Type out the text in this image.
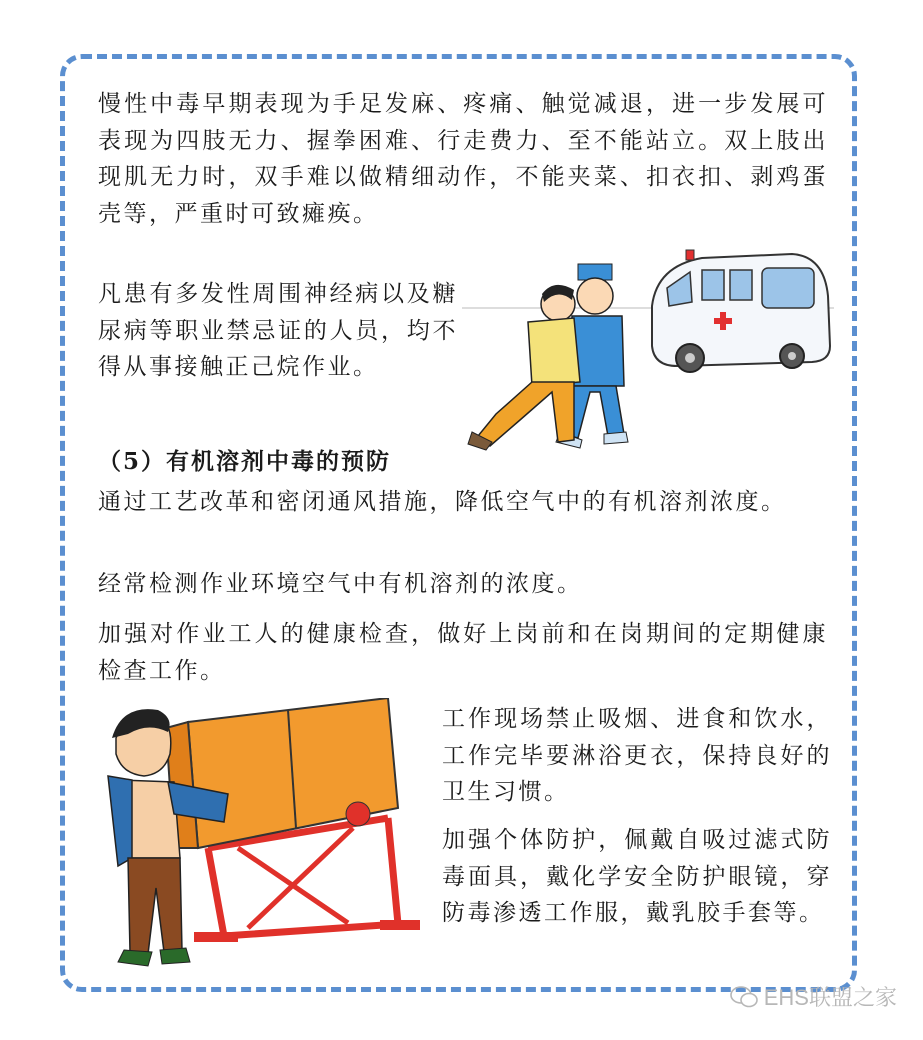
慢性中毒早期表现为手足发麻、疼痛、触觉减退，进一步发展可表现为四肢无力、握拳困难、行走费力、至不能站立。双上肢出现肌无力时，双手难以做精细动作，不能夹菜、扣衣扣、剥鸡蛋壳等，严重时可致瘫痪。

凡患有多发性周围神经病以及糖尿病等职业禁忌证的人员，均不得从事接触正己烷作业。

（5）有机溶剂中毒的预防

通过工艺改革和密闭通风措施，降低空气中的有机溶剂浓度。

经常检测作业环境空气中有机溶剂的浓度。

加强对作业工人的健康检查，做好上岗前和在岗期间的定期健康检查工作。

工作现场禁止吸烟、进食和饮水，工作完毕要淋浴更衣，保持良好的卫生习惯。

加强个体防护，佩戴自吸过滤式防毒面具，戴化学安全防护眼镜，穿防毒渗透工作服，戴乳胶手套等。

EHS联盟之家
